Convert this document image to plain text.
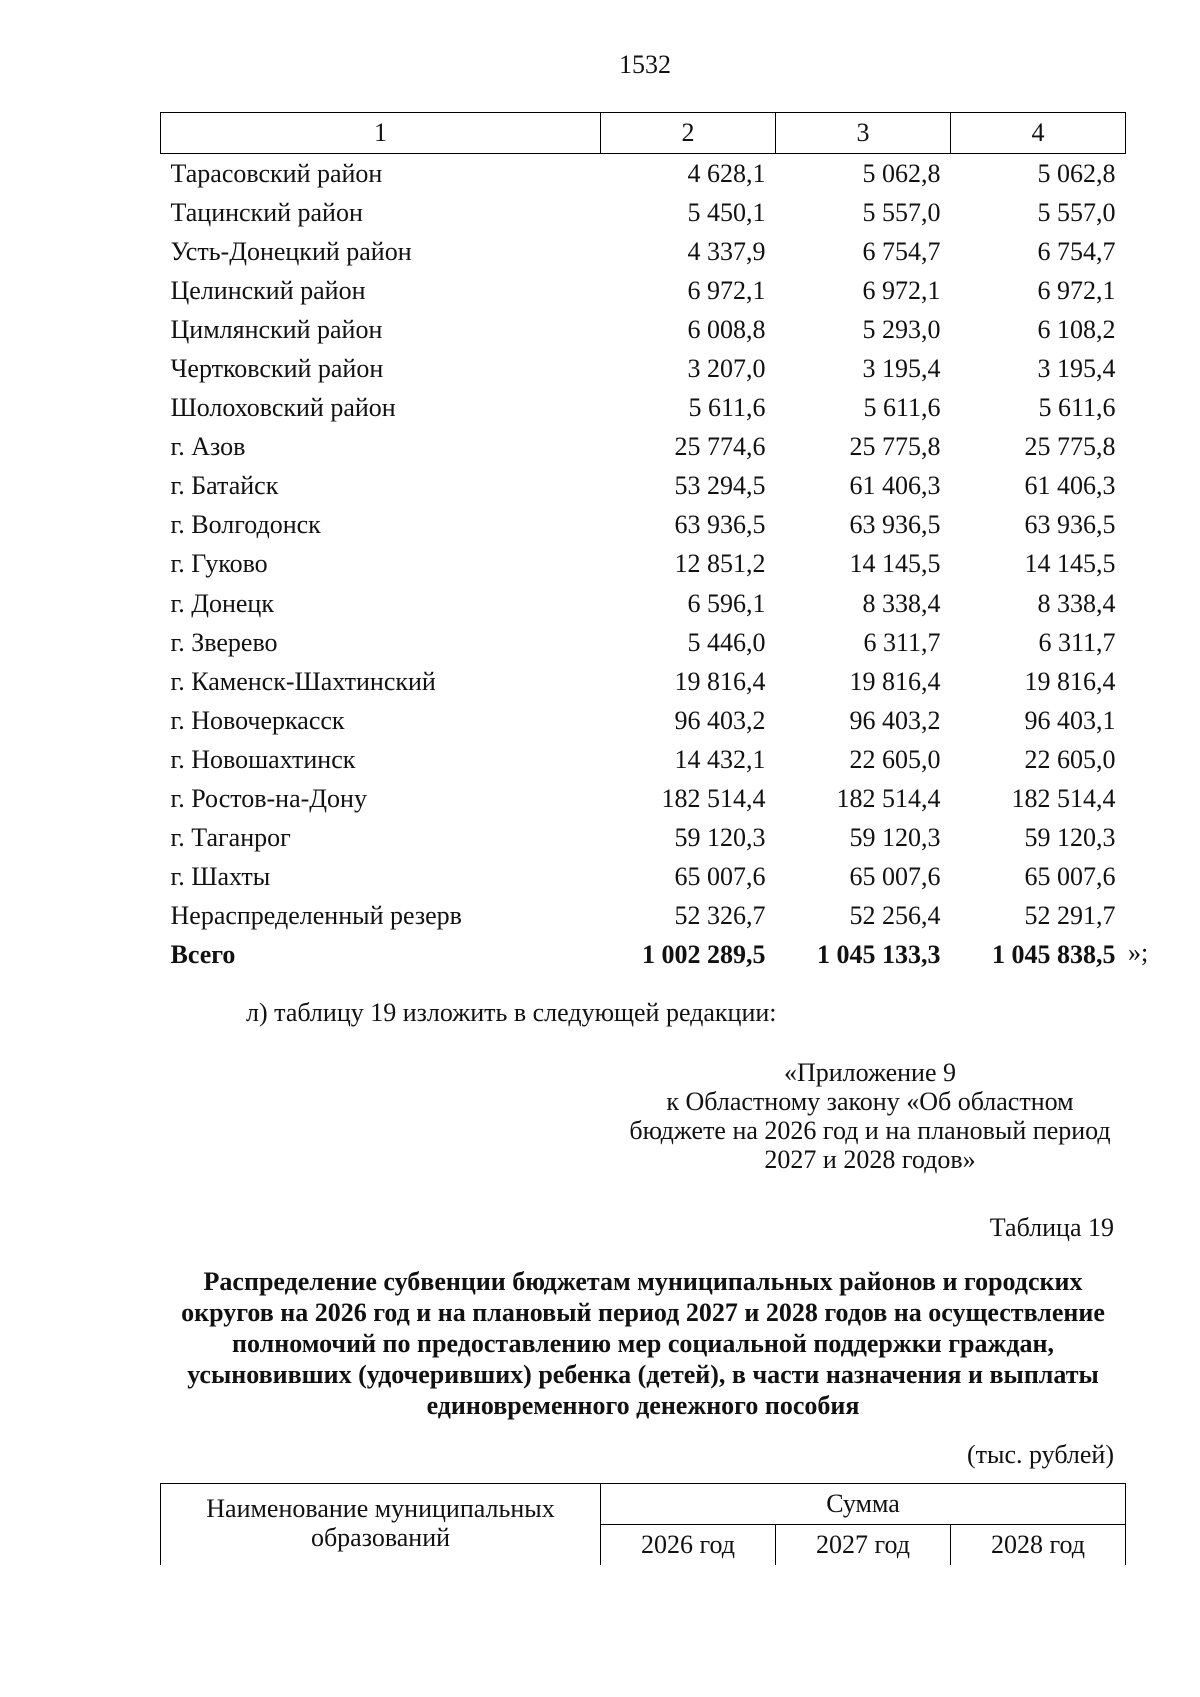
1532
1	2	3	4
Тарасовский район	4 628,1	5 062,8	5 062,8
Тацинский район	5 450,1	5 557,0	5 557,0
Усть-Донецкий район	4 337,9	6 754,7	6 754,7
Целинский район	6 972,1	6 972,1	6 972,1
Цимлянский район	6 008,8	5 293,0	6 108,2
Чертковский район	3 207,0	3 195,4	3 195,4
Шолоховский район	5 611,6	5 611,6	5 611,6
г. Азов	25 774,6	25 775,8	25 775,8
г. Батайск	53 294,5	61 406,3	61 406,3
г. Волгодонск	63 936,5	63 936,5	63 936,5
г. Гуково	12 851,2	14 145,5	14 145,5
г. Донецк	6 596,1	8 338,4	8 338,4
г. Зверево	5 446,0	6 311,7	6 311,7
г. Каменск-Шахтинский	19 816,4	19 816,4	19 816,4
г. Новочеркасск	96 403,2	96 403,2	96 403,1
г. Новошахтинск	14 432,1	22 605,0	22 605,0
г. Ростов-на-Дону	182 514,4	182 514,4	182 514,4
г. Таганрог	59 120,3	59 120,3	59 120,3
г. Шахты	65 007,6	65 007,6	65 007,6
Нераспределенный резерв	52 326,7	52 256,4	52 291,7
Всего	1 002 289,5	1 045 133,3	1 045 838,5 »;
л) таблицу 19 изложить в следующей редакции:
«Приложение 9
к Областному закону «Об областном бюджете на 2026 год и на плановый период 2027 и 2028 годов»
Таблица 19
Распределение субвенции бюджетам муниципальных районов и городских округов на 2026 год и на плановый период 2027 и 2028 годов на осуществление полномочий по предоставлению мер социальной поддержки граждан, усыновивших (удочеривших) ребенка (детей), в части назначения и выплаты единовременного денежного пособия
(тыс. рублей)
Наименование муниципальных образований	Сумма		
	2026 год	2027 год	2028 год
